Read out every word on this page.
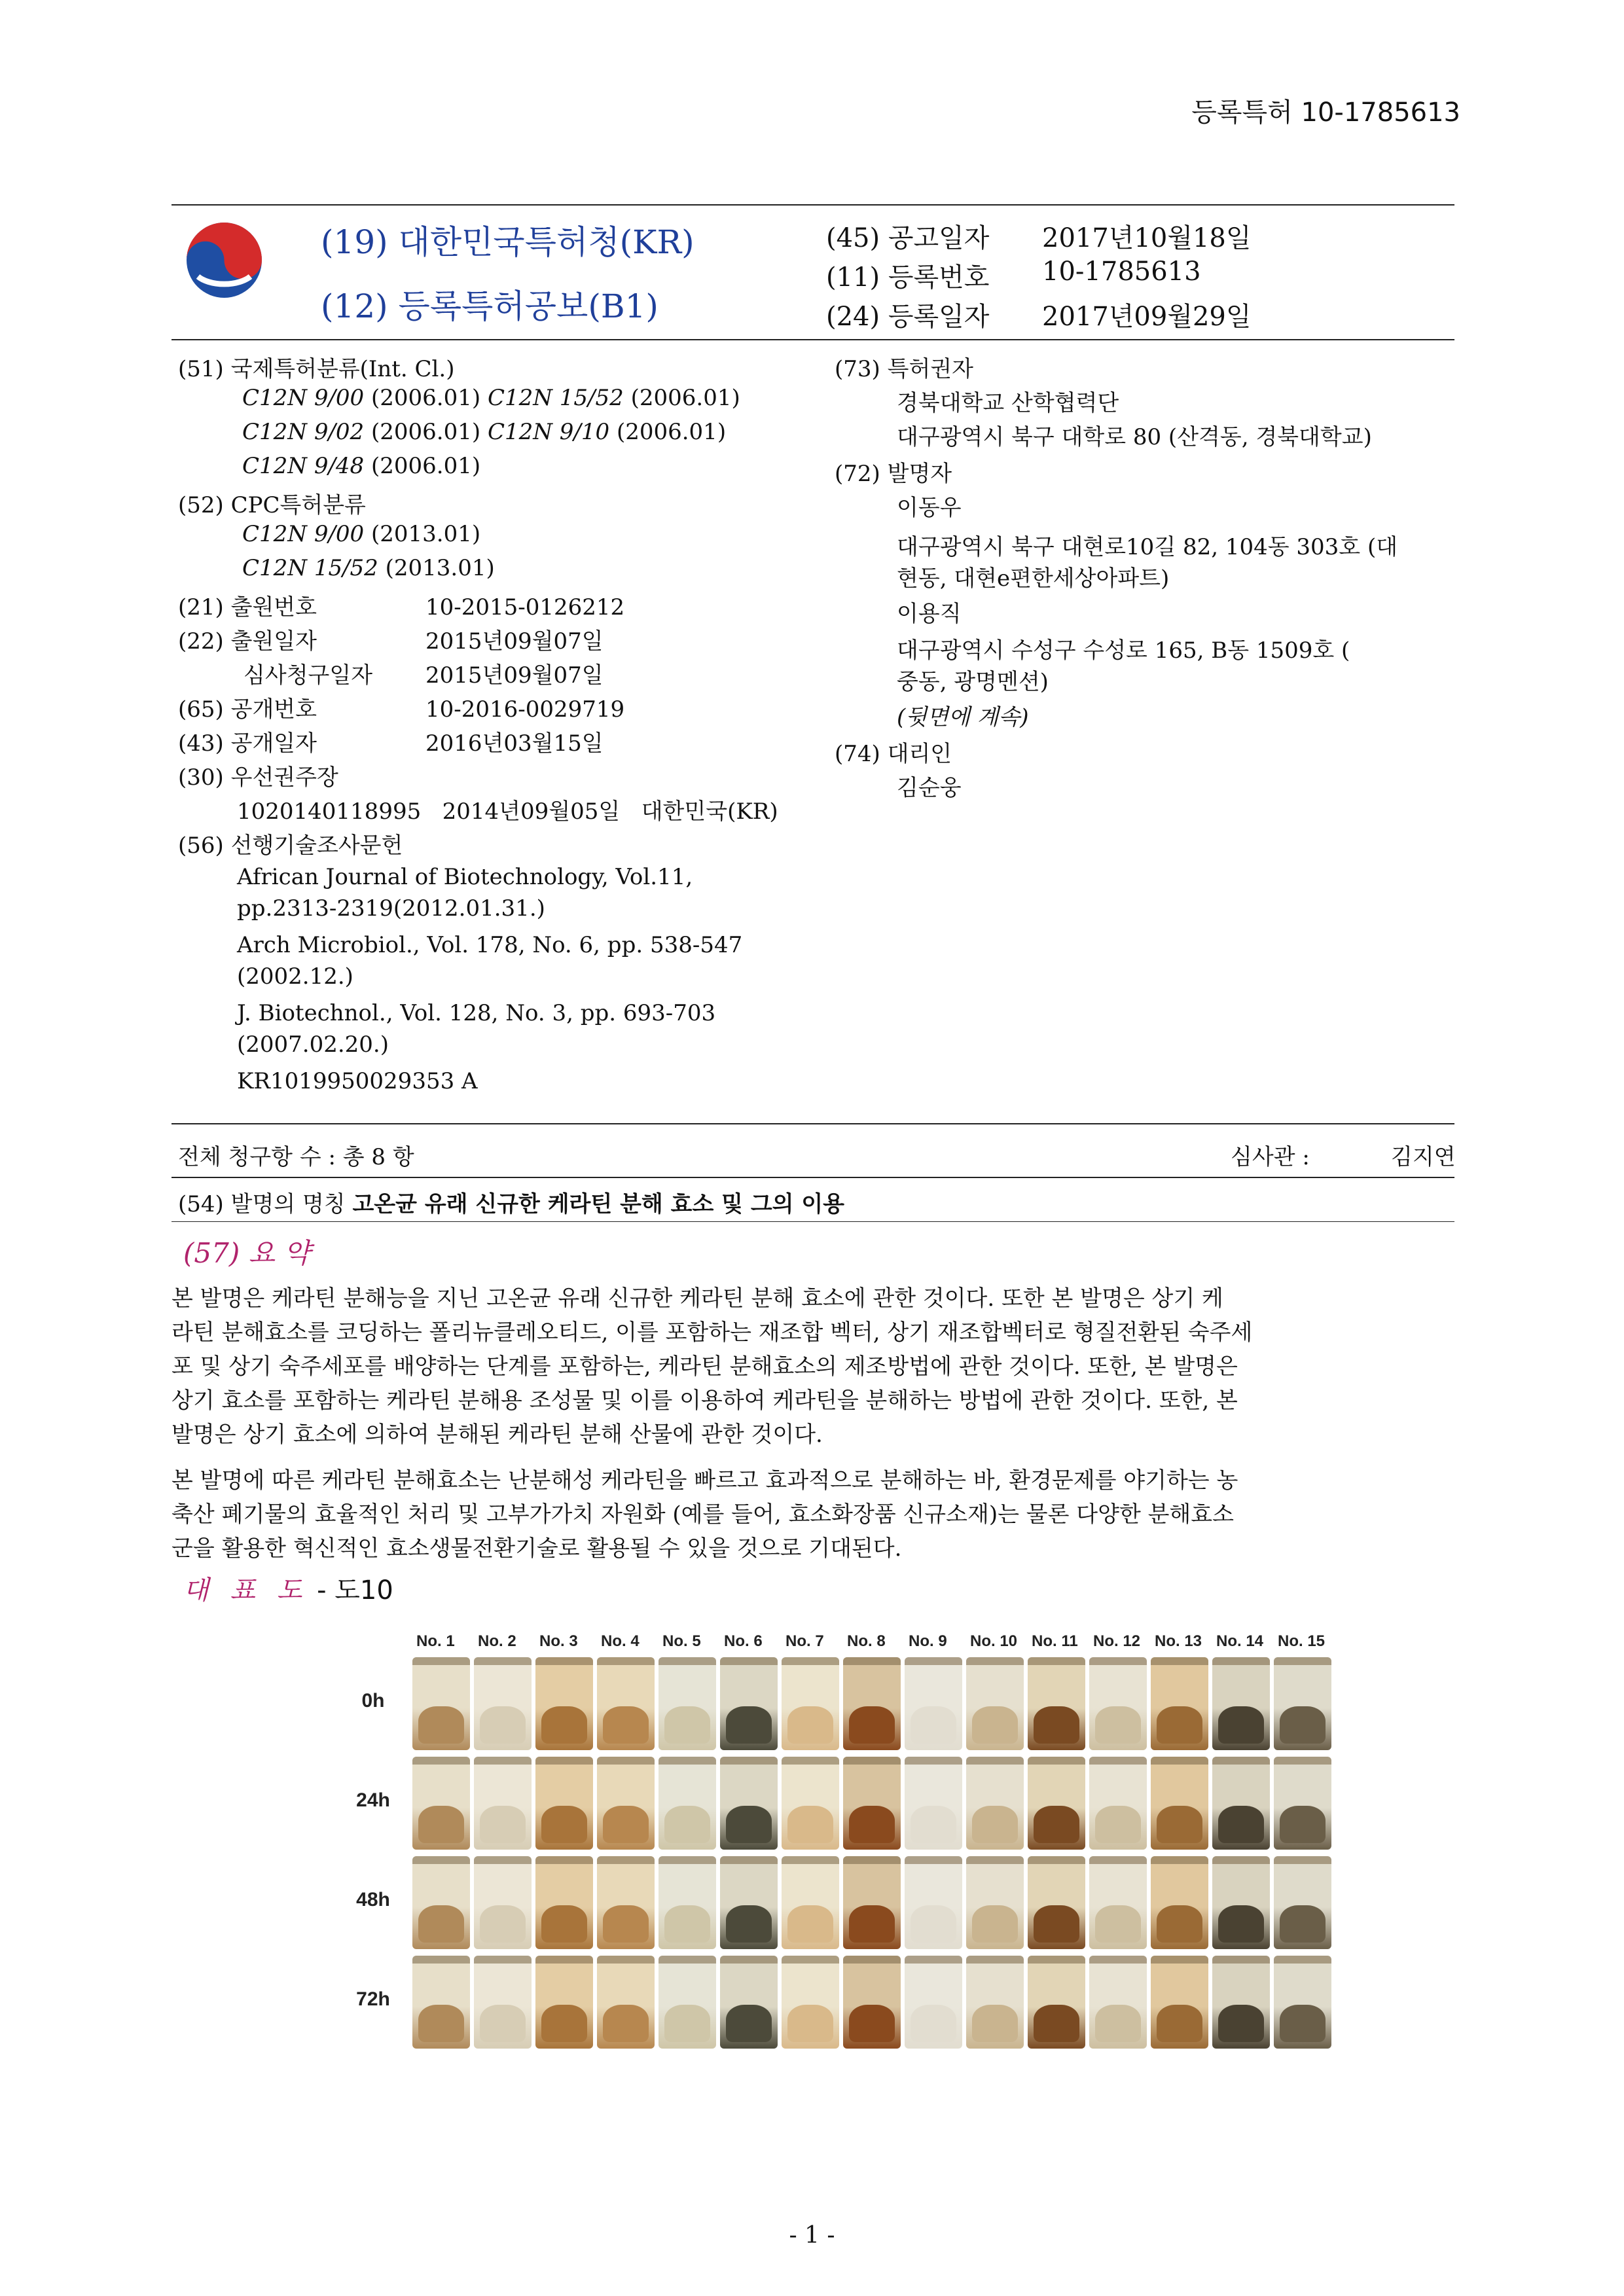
등록특허 10-1785613
(19) 대한민국특허청(KR)
(12) 등록특허공보(B1)
(45) 공고일자 2017년10월18일
(11) 등록번호 10-1785613
(24) 등록일자 2017년09월29일
(51) 국제특허분류(Int. Cl.)
C12N 9/00 (2006.01) C12N 15/52 (2006.01)
C12N 9/02 (2006.01) C12N 9/10 (2006.01)
C12N 9/48 (2006.01)
(52) CPC특허분류
C12N 9/00 (2013.01)
C12N 15/52 (2013.01)
(21) 출원번호	10-2015-0126212
(22) 출원일자	2015년09월07일
심사청구일자 2015년09월07일
(65) 공개번호	10-2016-0029719
(43) 공개일자	2016년03월15일
(30) 우선권주장
1020140118995 2014년09월05일 대한민국(KR)
(56) 선행기술조사문헌
African Journal of Biotechnology, Vol.11,
pp.2313-2319(2012.01.31.)
Arch Microbiol., Vol. 178, No. 6, pp. 538-547
(2002.12.)
J. Biotechnol., Vol. 128, No. 3, pp. 693-703
(2007.02.20.)
KR1019950029353 A
(73) 특허권자
경북대학교 산학협력단
대구광역시 북구 대학로 80 (산격동, 경북대학교)
(72) 발명자
이동우
대구광역시 북구 대현로10길 82, 104동 303호 (대
현동, 대현e편한세상아파트)
이용직
대구광역시 수성구 수성로 165, B동 1509호 (
중동, 광명멘션)
(뒷면에 계속)
(74) 대리인
김순웅
전체 청구항 수 : 총 8 항	심사관 :	김지연
(54) 발명의 명칭 고온균 유래 신규한 케라틴 분해 효소 및 그의 이용
(57) 요 약
본 발명은 케라틴 분해능을 지닌 고온균 유래 신규한 케라틴 분해 효소에 관한 것이다. 또한 본 발명은 상기 케
라틴 분해효소를 코딩하는 폴리뉴클레오티드, 이를 포함하는 재조합 벡터, 상기 재조합벡터로 형질전환된 숙주세
포 및 상기 숙주세포를 배양하는 단계를 포함하는, 케라틴 분해효소의 제조방법에 관한 것이다. 또한, 본 발명은
상기 효소를 포함하는 케라틴 분해용 조성물 및 이를 이용하여 케라틴을 분해하는 방법에 관한 것이다. 또한, 본
발명은 상기 효소에 의하여 분해된 케라틴 분해 산물에 관한 것이다.
본 발명에 따른 케라틴 분해효소는 난분해성 케라틴을 빠르고 효과적으로 분해하는 바, 환경문제를 야기하는 농
축산 폐기물의 효율적인 처리 및 고부가가치 자원화 (예를 들어, 효소화장품 신규소재)는 물론 다양한 분해효소
군을 활용한 혁신적인 효소생물전환기술로 활용될 수 있을 것으로 기대된다.
대 표 도 - 도10
No. 1 No. 2 No. 3 No. 4 No. 5 No. 6 No. 7 No. 8 No. 9 No. 10 No. 11 No. 12 No. 13 No. 14 No. 15
0h
24h
48h
72h
- 1 -
